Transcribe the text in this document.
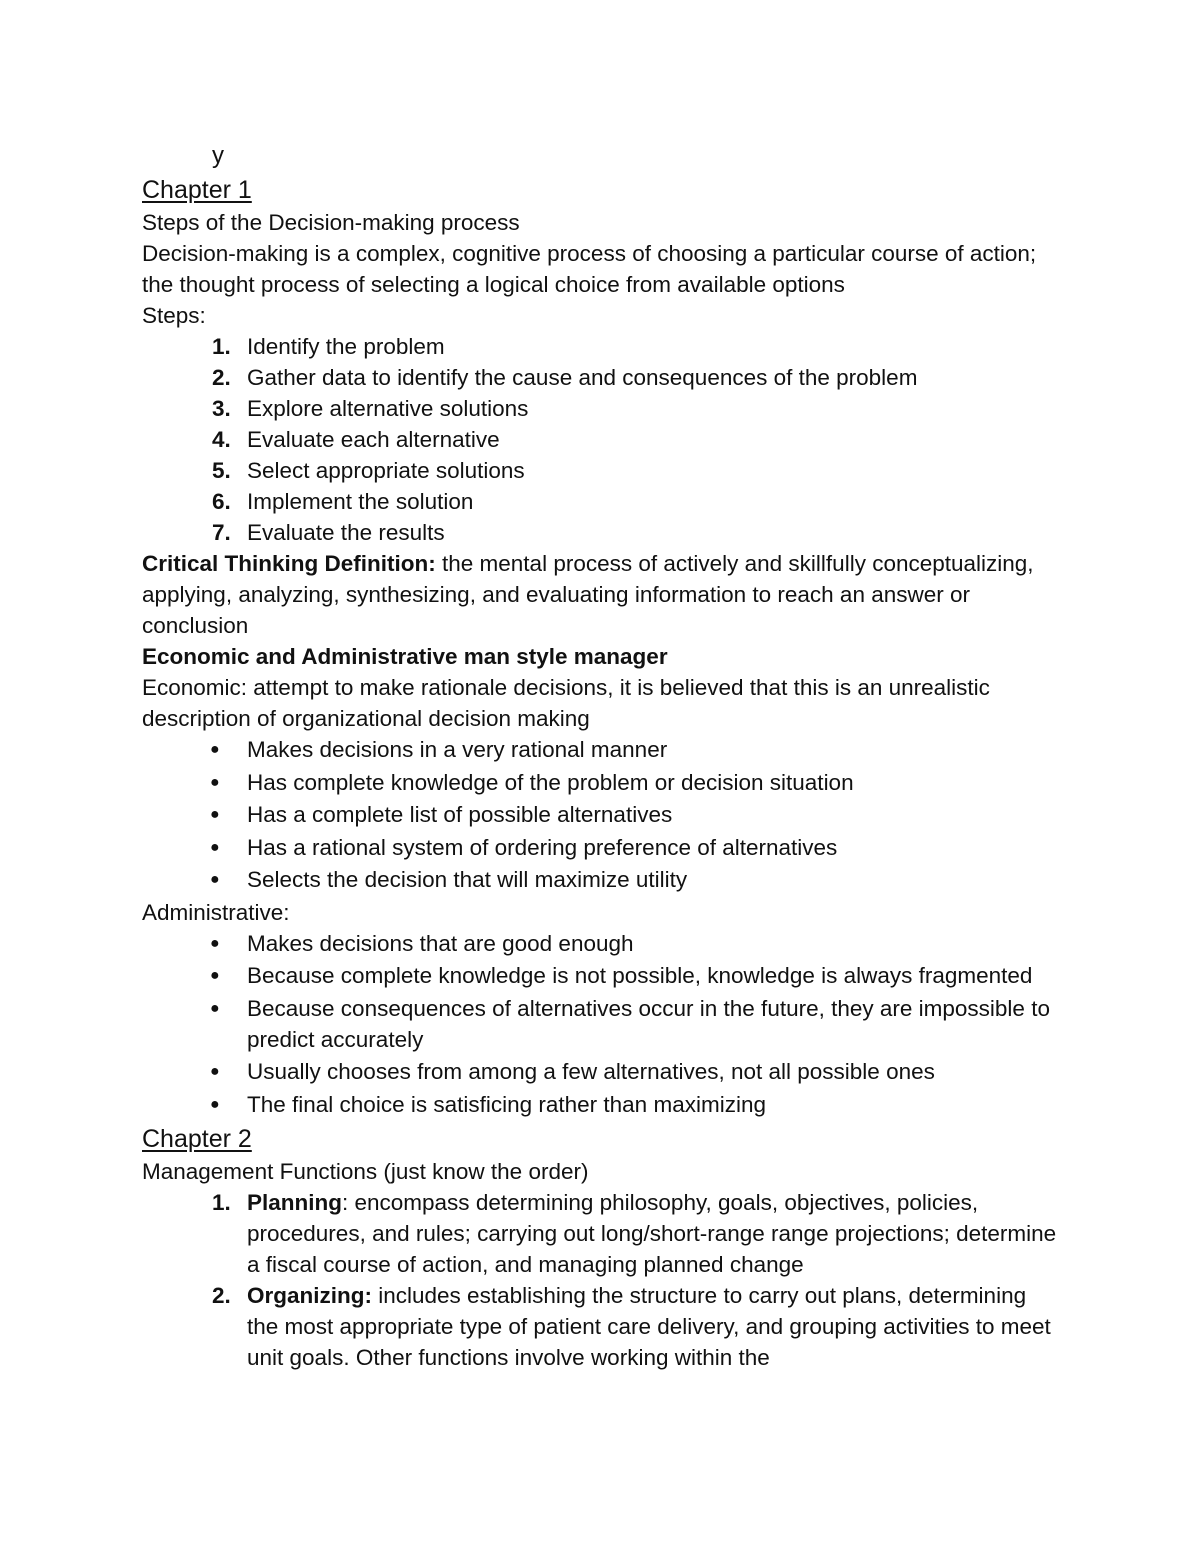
y
Chapter 1

Steps of the Decision-making process

Decision-making is a complex, cognitive process of choosing a particular course of action; the thought process of selecting a logical choice from available options

Steps:

1. Identify the problem
2. Gather data to identify the cause and consequences of the problem
3. Explore alternative solutions
4. Evaluate each alternative
5. Select appropriate solutions
6. Implement the solution
7. Evaluate the results

Critical Thinking Definition: the mental process of actively and skillfully conceptualizing, applying, analyzing, synthesizing, and evaluating information to reach an answer or conclusion

Economic and Administrative man style manager

Economic: attempt to make rationale decisions, it is believed that this is an unrealistic description of organizational decision making

● Makes decisions in a very rational manner
● Has complete knowledge of the problem or decision situation
● Has a complete list of possible alternatives
● Has a rational system of ordering preference of alternatives
● Selects the decision that will maximize utility

Administrative:

● Makes decisions that are good enough
● Because complete knowledge is not possible, knowledge is always fragmented
● Because consequences of alternatives occur in the future, they are impossible to predict accurately
● Usually chooses from among a few alternatives, not all possible ones
● The final choice is satisficing rather than maximizing
Chapter 2

Management Functions (just know the order)

1. Planning: encompass determining philosophy, goals, objectives, policies, procedures, and rules; carrying out long/short-range range projections; determine a fiscal course of action, and managing planned change
2. Organizing: includes establishing the structure to carry out plans, determining the most appropriate type of patient care delivery, and grouping activities to meet unit goals. Other functions involve working within the
